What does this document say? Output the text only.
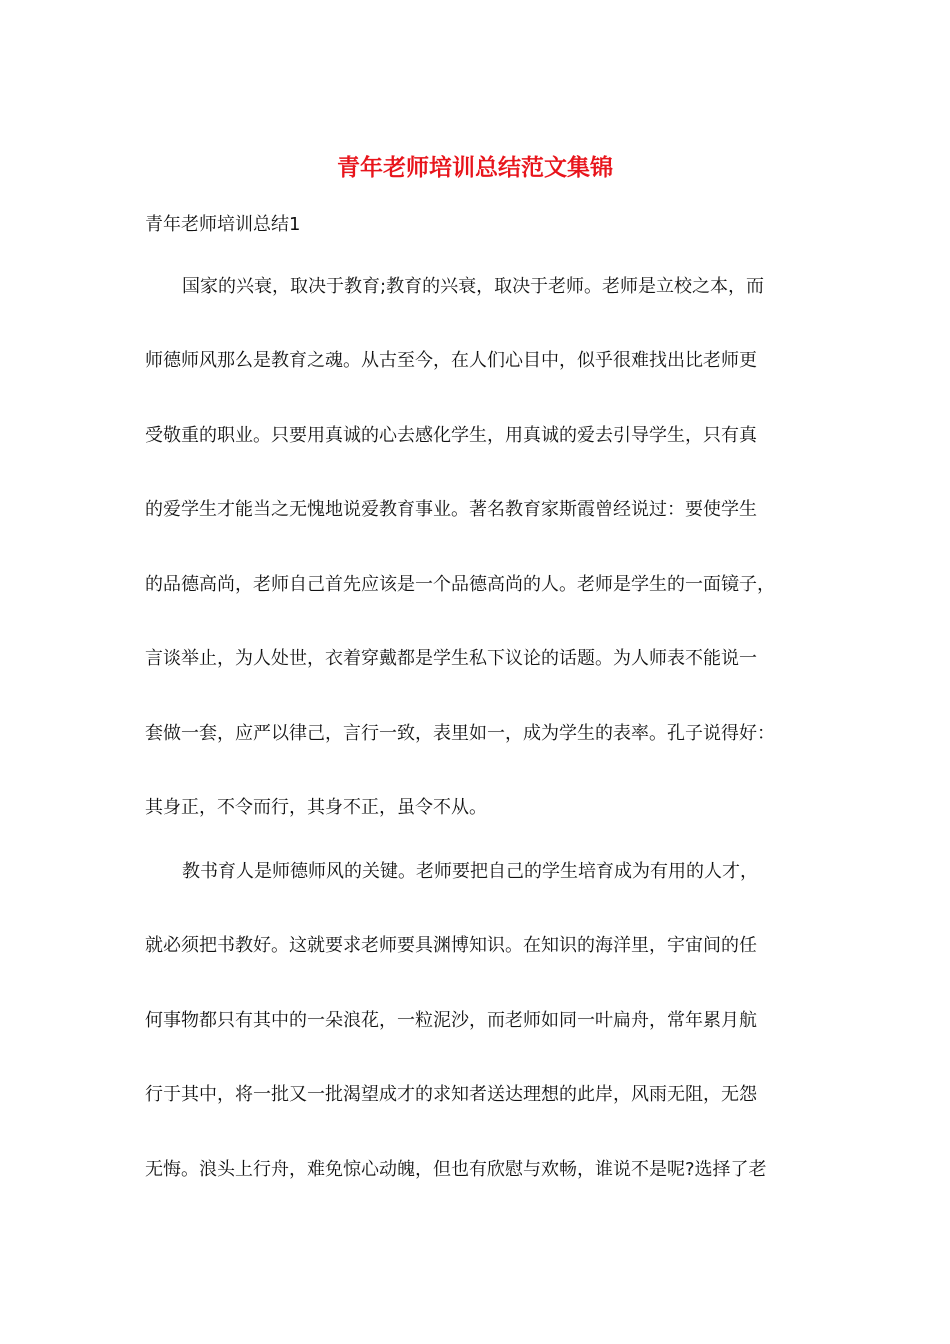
青年老师培训总结范文集锦
青年老师培训总结1
国家的兴衰，取决于教育;教育的兴衰，取决于老师。老师是立校之本，而
师德师风那么是教育之魂。从古至今，在人们心目中，似乎很难找出比老师更
受敬重的职业。只要用真诚的心去感化学生，用真诚的爱去引导学生，只有真
的爱学生才能当之无愧地说爱教育事业。著名教育家斯霞曾经说过：要使学生
的品德高尚，老师自己首先应该是一个品德高尚的人。老师是学生的一面镜子，
言谈举止，为人处世，衣着穿戴都是学生私下议论的话题。为人师表不能说一
套做一套，应严以律己，言行一致，表里如一，成为学生的表率。孔子说得好：
其身正，不令而行，其身不正，虽令不从。
教书育人是师德师风的关键。老师要把自己的学生培育成为有用的人才，
就必须把书教好。这就要求老师要具渊博知识。在知识的海洋里，宇宙间的任
何事物都只有其中的一朵浪花，一粒泥沙，而老师如同一叶扁舟，常年累月航
行于其中，将一批又一批渴望成才的求知者送达理想的此岸，风雨无阻，无怨
无悔。浪头上行舟，难免惊心动魄，但也有欣慰与欢畅，谁说不是呢?选择了老
